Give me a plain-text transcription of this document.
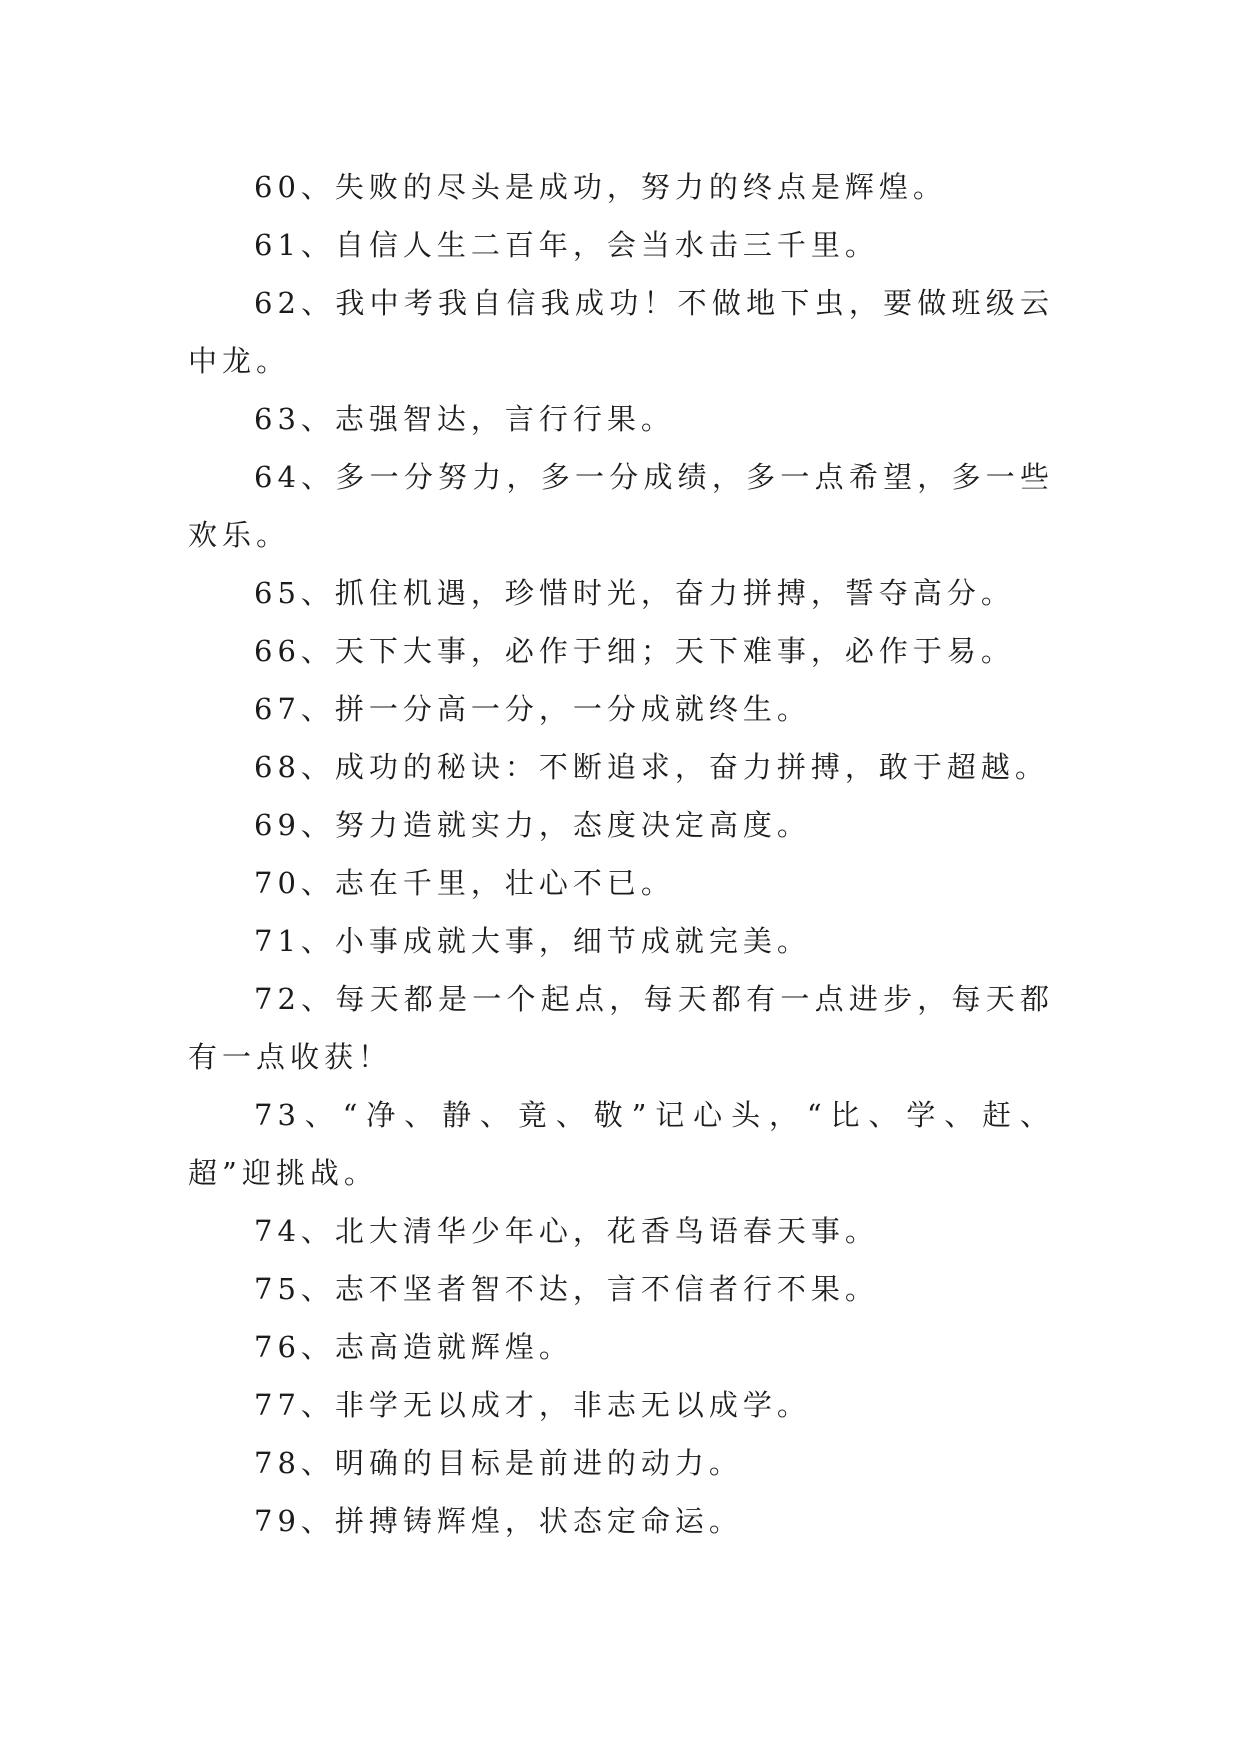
60、失败的尽头是成功，努力的终点是辉煌。

61、自信人生二百年，会当水击三千里。

62、我中考我自信我成功！不做地下虫，要做班级云中龙。

63、志强智达，言行行果。

64、多一分努力，多一分成绩，多一点希望，多一些欢乐。

65、抓住机遇，珍惜时光，奋力拼搏，誓夺高分。

66、天下大事，必作于细；天下难事，必作于易。

67、拼一分高一分，一分成就终生。

68、成功的秘诀：不断追求，奋力拼搏，敢于超越。

69、努力造就实力，态度决定高度。

70、志在千里，壮心不已。

71、小事成就大事，细节成就完美。

72、每天都是一个起点，每天都有一点进步，每天都有一点收获！

73、“净、静、竟、敬”记心头，“比、学、赶、超”迎挑战。

74、北大清华少年心，花香鸟语春天事。

75、志不坚者智不达，言不信者行不果。

76、志高造就辉煌。

77、非学无以成才，非志无以成学。

78、明确的目标是前进的动力。

79、拼搏铸辉煌，状态定命运。
